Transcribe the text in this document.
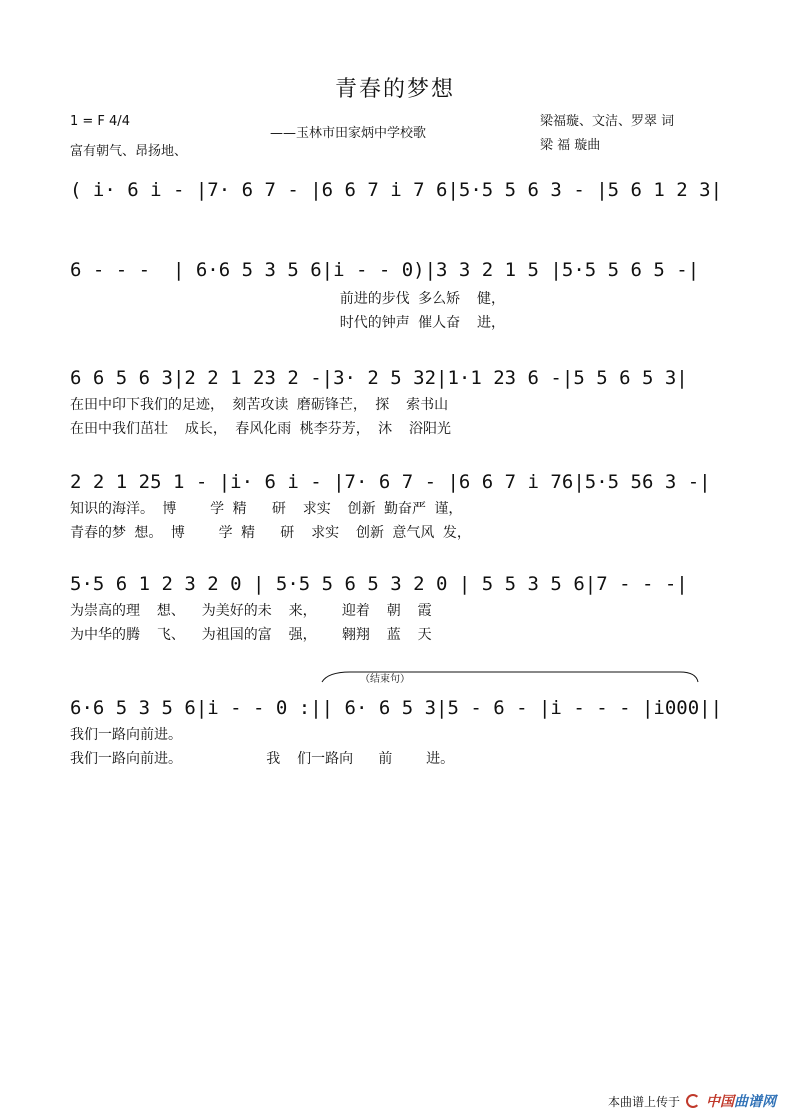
青春的梦想
1 = F 4/4
富有朝气、昂扬地、
——玉林市田家炳中学校歌
梁福璇、文洁、罗翠 词
梁 福 璇曲
( i· 6 i - |7· 6 7 - |6 6 7 i 7 6|5·5 5 6 3 - |5 6 1 2 3|
6 - - -  | 6·6 5 3 5 6|i - - 0)|3 3 2 1 5 |5·5 5 6 5 -|
前进的步伐 多么矫  健，
时代的钟声 催人奋  进，
6 6 5 6 3|2 2 1 23 2 -|3· 2 5 32|1·1 23 6 -|5 5 6 5 3|
在田中印下我们的足迹， 刻苦攻读 磨砺锋芒， 探  索书山
在田中我们茁壮  成长， 春风化雨 桃李芬芳， 沐  浴阳光
2 2 1 25 1 - |i· 6 i - |7· 6 7 - |6 6 7 i 76|5·5 56 3 -|
知识的海洋。 博    学 精   研  求实  创新 勤奋严 谨，
青春的梦 想。 博    学 精   研  求实  创新 意气风 发，
5·5 6 1 2 3 2 0 | 5·5 5 6 5 3 2 0 | 5 5 3 5 6|7 - - -|
为崇高的理  想、  为美好的未  来，   迎着  朝  霞
为中华的腾  飞、  为祖国的富  强，   翱翔  蓝  天
（结束句）
6·6 5 3 5 6|i - - 0 :|| 6· 6 5 3|5 - 6 - |i - - - |i000||
我们一路向前进。
我们一路向前进。          我  们一路向   前    进。
本曲谱上传于 中国曲谱网
